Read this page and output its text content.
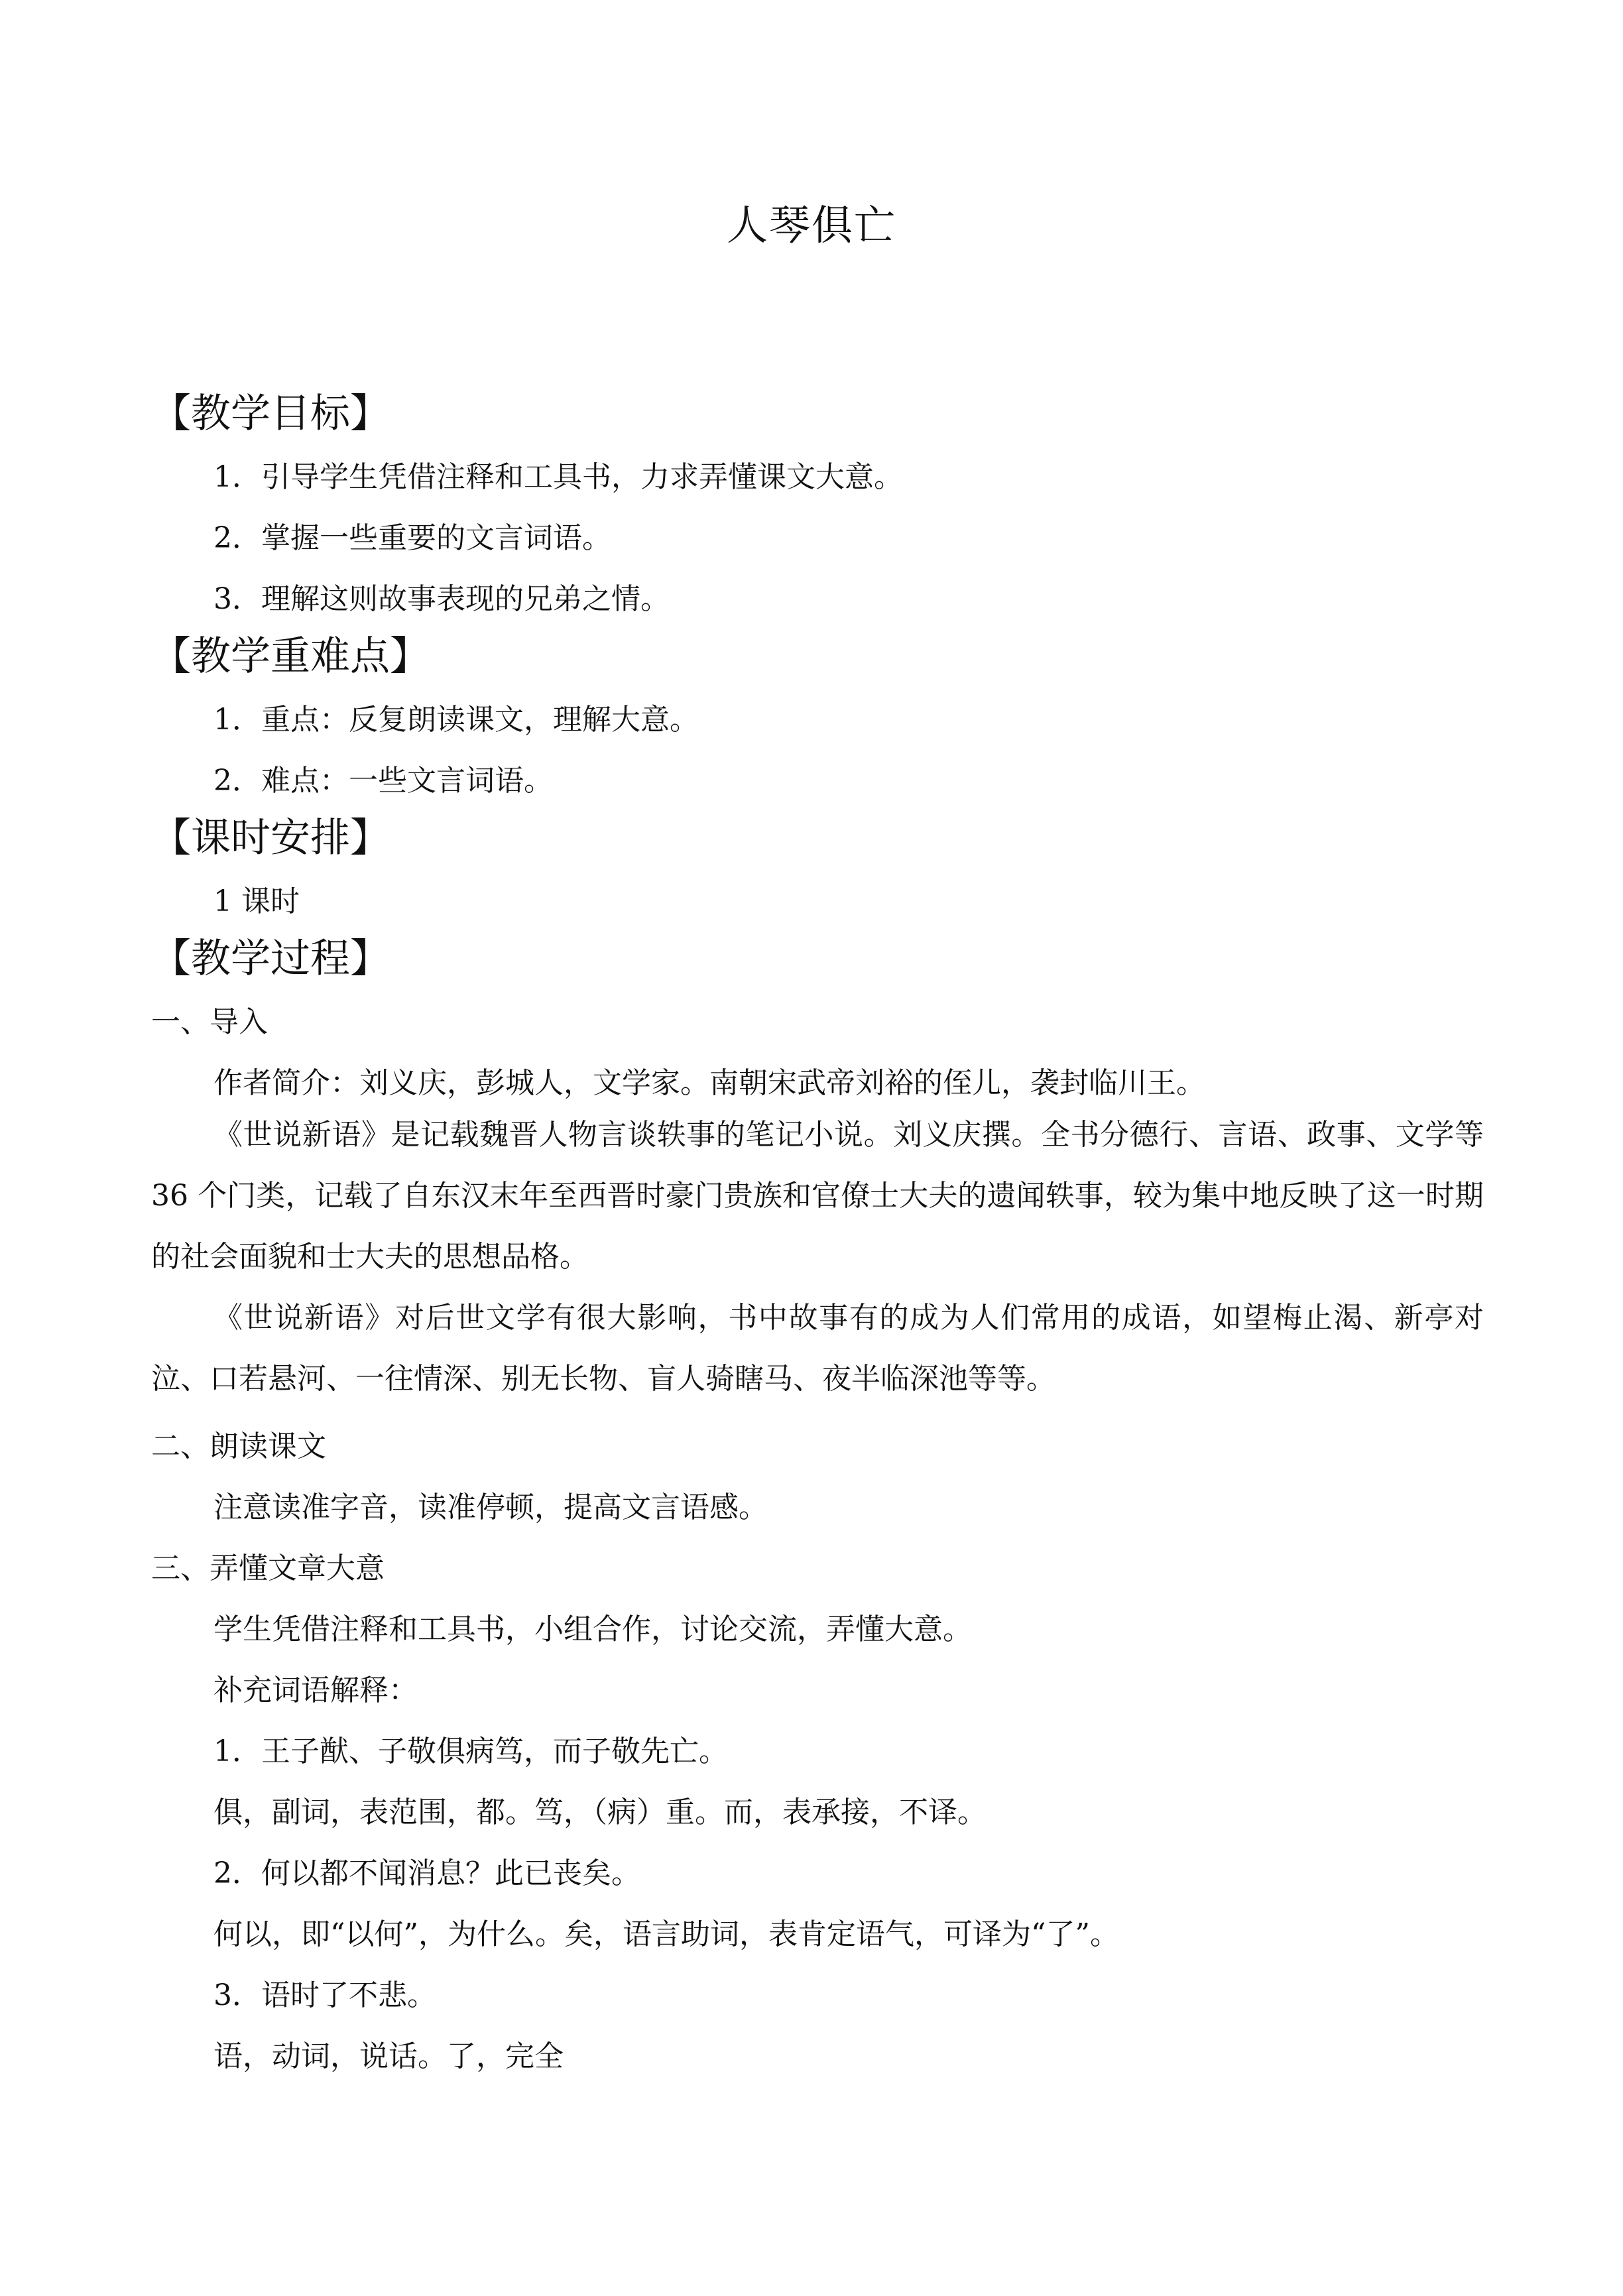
人琴俱亡
【教学目标】
1．引导学生凭借注释和工具书，力求弄懂课文大意。
2．掌握一些重要的文言词语。
3．理解这则故事表现的兄弟之情。
【教学重难点】
1．重点：反复朗读课文，理解大意。
2．难点：一些文言词语。
【课时安排】
1 课时
【教学过程】
一、导入
作者简介：刘义庆，彭城人，文学家。南朝宋武帝刘裕的侄儿，袭封临川王。

《世说新语》是记载魏晋人物言谈轶事的笔记小说。刘义庆撰。全书分德行、言语、政事、文学等 36 个门类，记载了自东汉末年至西晋时豪门贵族和官僚士大夫的遗闻轶事，较为集中地反映了这一时期的社会面貌和士大夫的思想品格。

《世说新语》对后世文学有很大影响，书中故事有的成为人们常用的成语，如望梅止渴、新亭对泣、口若悬河、一往情深、别无长物、盲人骑瞎马、夜半临深池等等。

二、朗读课文
注意读准字音，读准停顿，提高文言语感。
三、弄懂文章大意
学生凭借注释和工具书，小组合作，讨论交流，弄懂大意。
补充词语解释：
1．王子猷、子敬俱病笃，而子敬先亡。
俱，副词，表范围，都。笃，（病）重。而，表承接，不译。
2．何以都不闻消息？此已丧矣。
何以，即“以何”，为什么。矣，语言助词，表肯定语气，可译为“了”。
3．语时了不悲。
语，动词，说话。了，完全
